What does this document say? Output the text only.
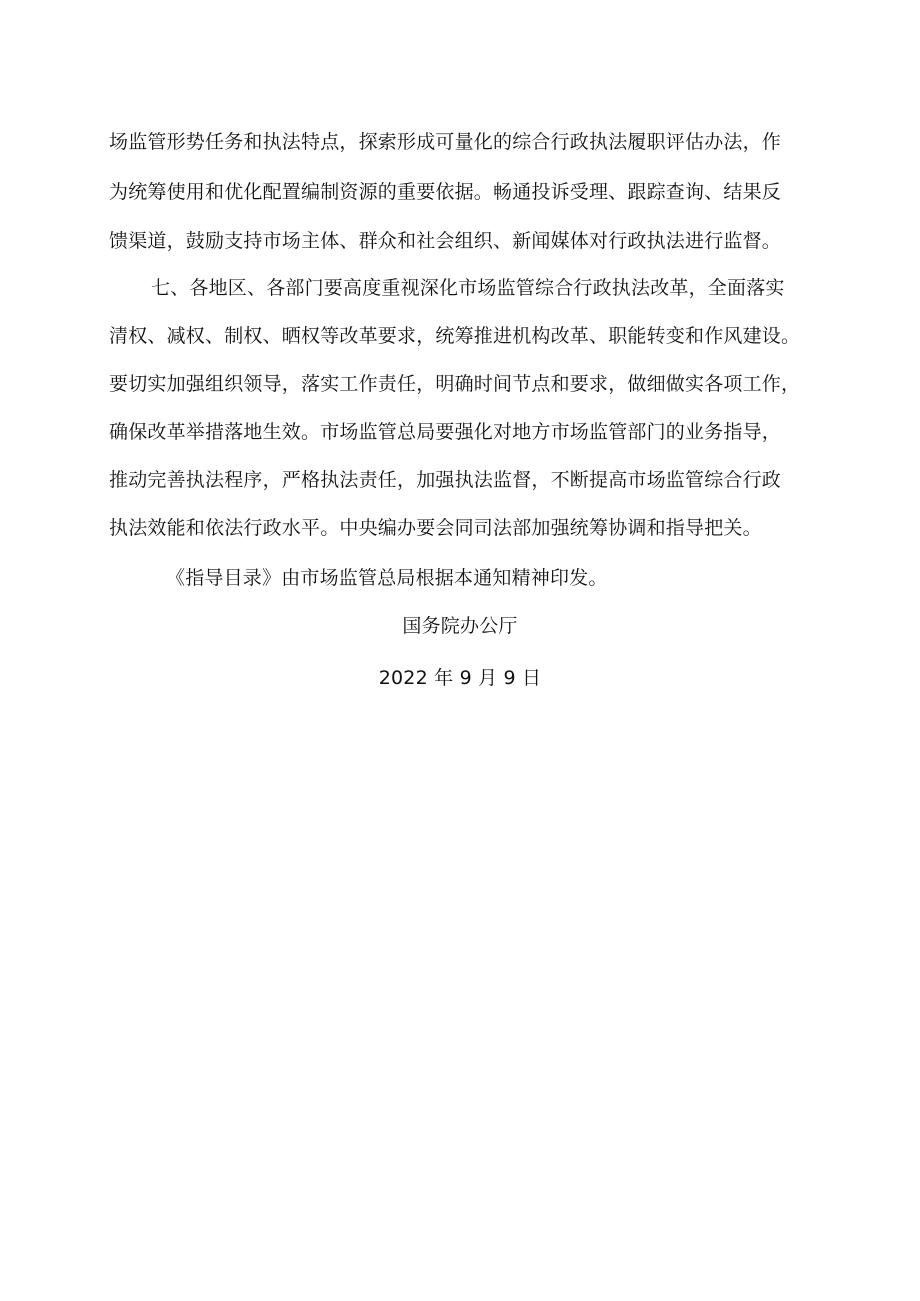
场监管形势任务和执法特点，探索形成可量化的综合行政执法履职评估办法，作
为统筹使用和优化配置编制资源的重要依据。畅通投诉受理、跟踪查询、结果反
馈渠道，鼓励支持市场主体、群众和社会组织、新闻媒体对行政执法进行监督。
七、各地区、各部门要高度重视深化市场监管综合行政执法改革，全面落实
清权、减权、制权、晒权等改革要求，统筹推进机构改革、职能转变和作风建设。
要切实加强组织领导，落实工作责任，明确时间节点和要求，做细做实各项工作，
确保改革举措落地生效。市场监管总局要强化对地方市场监管部门的业务指导，
推动完善执法程序，严格执法责任，加强执法监督，不断提高市场监管综合行政
执法效能和依法行政水平。中央编办要会同司法部加强统筹协调和指导把关。
《指导目录》由市场监管总局根据本通知精神印发。
国务院办公厅
2022 年 9 月 9 日
